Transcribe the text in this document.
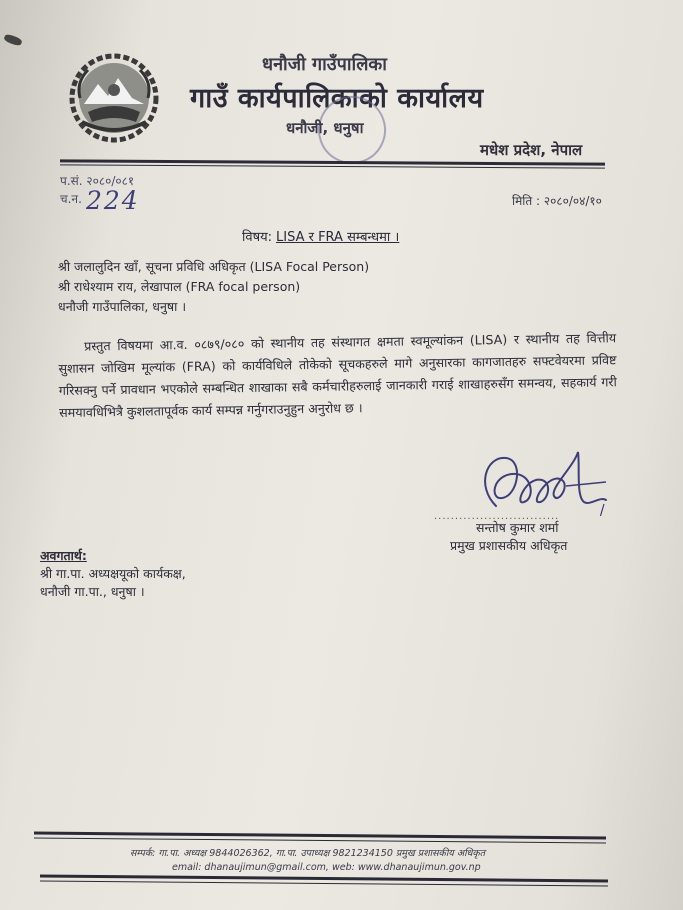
धनौजी गाउँपालिका
गाउँ कार्यपालिकाको कार्यालय
धनौजी, धनुषा
मधेश प्रदेश, नेपाल
प.सं. २०८०/०८१
च.न. 224	मिति : २०८०/०४/१०
विषय: LISA र FRA सम्बन्धमा ।
श्री जलालुदिन खाँ, सूचना प्रविधि अधिकृत (LISA Focal Person)
श्री राधेश्याम राय, लेखापाल (FRA focal person)
धनौजी गाउँपालिका, धनुषा ।
प्रस्तुत विषयमा आ.व. ०८७९/०८० को स्थानीय तह संस्थागत क्षमता स्वमूल्यांकन (LISA) र स्थानीय तह वित्तीय सुशासन जोखिम मूल्यांक (FRA) को कार्यविधिले तोकेको सूचकहरुले मागे अनुसारका कागजातहरु सफ्टवेयरमा प्रविष्ट गरिसक्नु पर्ने प्रावधान भएकोले सम्बन्धित शाखाका सबै कर्मचारीहरुलाई जानकारी गराई शाखाहरुसँग समन्वय, सहकार्य गरी समयावधिभित्रै कुशलतापूर्वक कार्य सम्पन्न गर्नुगराउनुहुन अनुरोध छ ।
..............................
सन्तोष कुमार शर्मा
प्रमुख प्रशासकीय अधिकृत
अवगतार्थ:
श्री गा.पा. अध्यक्षयूको कार्यकक्ष,
धनौजी गा.पा., धनुषा ।
सम्पर्क: गा.पा. अध्यक्ष 9844026362, गा.पा. उपाध्यक्ष 9821234150 प्रमुख प्रशासकीय अधिकृत
email: dhanaujimun@gmail.com, web: www.dhanaujimun.gov.np
